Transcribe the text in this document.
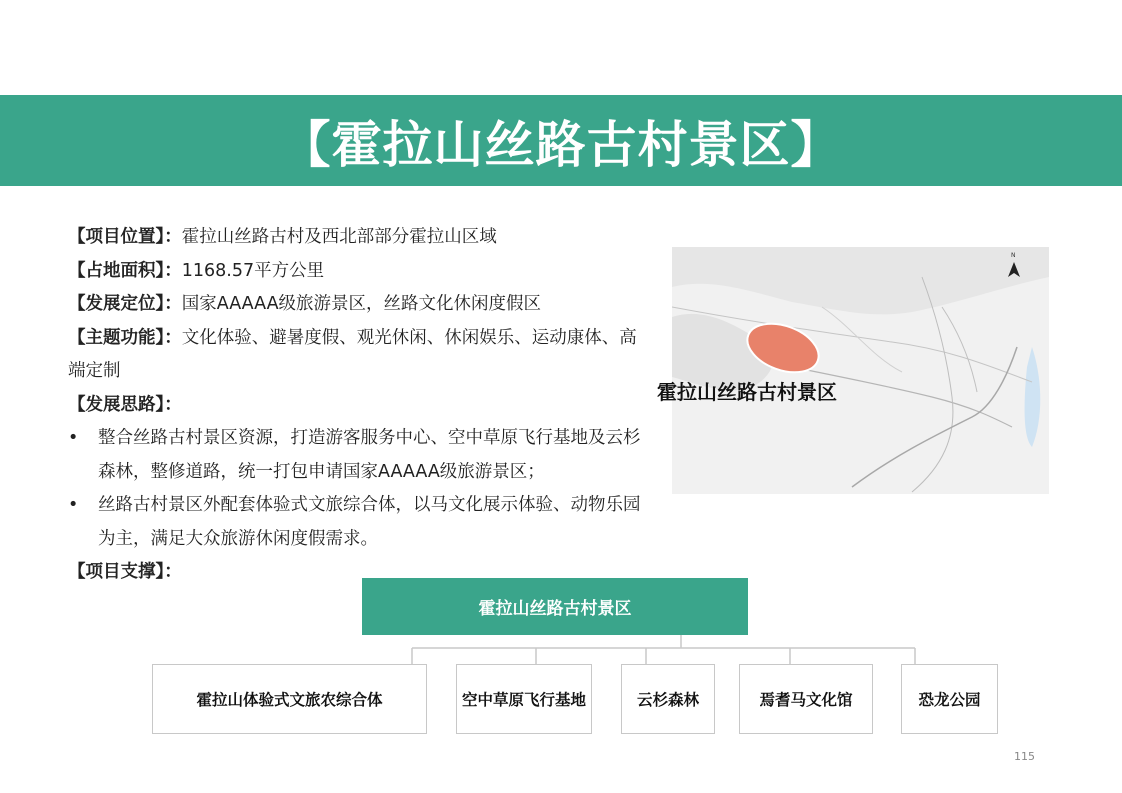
【霍拉山丝路古村景区】
【项目位置】：霍拉山丝路古村及西北部部分霍拉山区域
【占地面积】：1168.57平方公里
【发展定位】：国家AAAAA级旅游景区，丝路文化休闲度假区
【主题功能】：文化体验、避暑度假、观光休闲、休闲娱乐、运动康体、高端定制
【发展思路】：
• 整合丝路古村景区资源，打造游客服务中心、空中草原飞行基地及云杉森林，整修道路，统一打包申请国家AAAAA级旅游景区；
• 丝路古村景区外配套体验式文旅综合体，以马文化展示体验、动物乐园为主，满足大众旅游休闲度假需求。
【项目支撑】：
N
霍拉山丝路古村景区
霍拉山丝路古村景区
霍拉山体验式文旅农综合体	空中草原飞行基地	云杉森林	焉耆马文化馆	恐龙公园
115
